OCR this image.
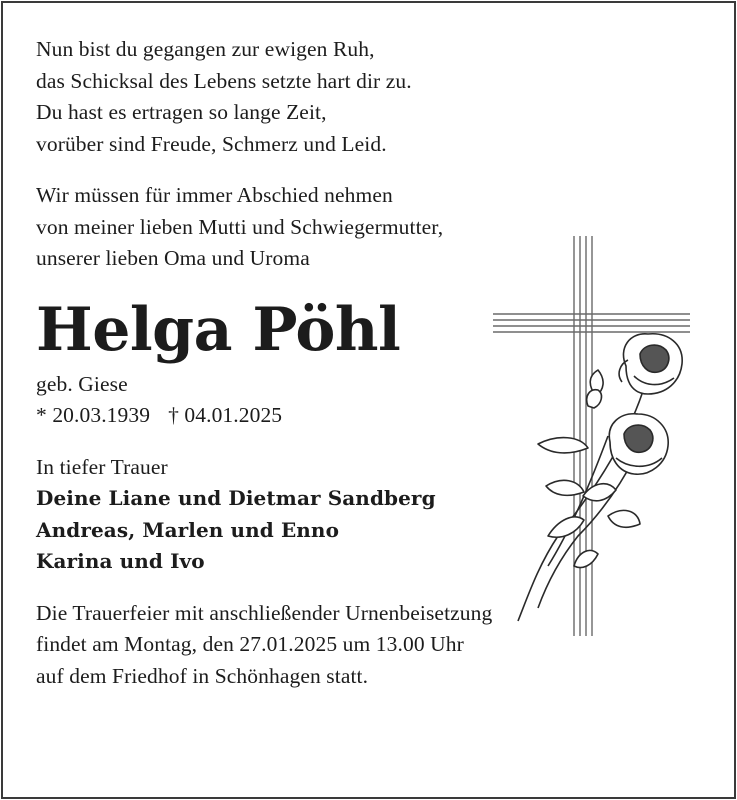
Nun bist du gegangen zur ewigen Ruh,
das Schicksal des Lebens setzte hart dir zu.
Du hast es ertragen so lange Zeit,
vorüber sind Freude, Schmerz und Leid.
Wir müssen für immer Abschied nehmen
von meiner lieben Mutti und Schwiegermutter,
unserer lieben Oma und Uroma
Helga Pöhl
geb. Giese
* 20.03.1939 † 04.01.2025
In tiefer Trauer
Deine Liane und Dietmar Sandberg
Andreas, Marlen und Enno
Karina und Ivo
Die Trauerfeier mit anschließender Urnenbeisetzung
findet am Montag, den 27.01.2025 um 13.00 Uhr
auf dem Friedhof in Schönhagen statt.
